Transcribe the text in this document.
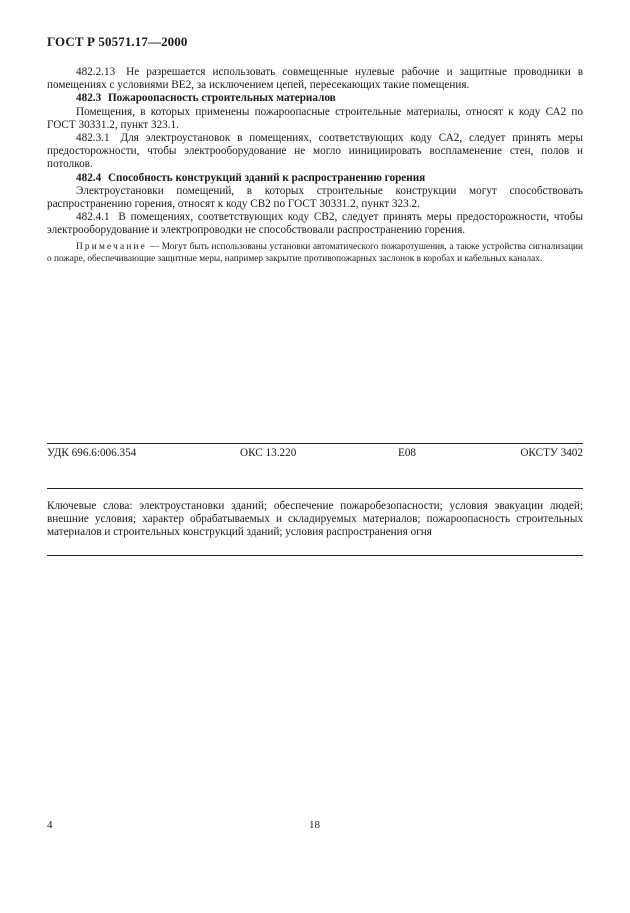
ГОСТ Р 50571.17—2000

482.2.13 Не разрешается использовать совмещенные нулевые рабочие и защитные проводники в помещениях с условиями ВЕ2, за исключением цепей, пересекающих такие помещения.

482.3 Пожароопасность строительных материалов

Помещения, в которых применены пожароопасные строительные материалы, относят к коду СА2 по ГОСТ 30331.2, пункт 323.1.

482.3.1 Для электроустановок в помещениях, соответствующих коду СА2, следует принять меры предосторожности, чтобы электрооборудование не могло иинициировать воспламенение стен, полов и потолков.

482.4 Способность конструкций зданий к распространению горения

Электроустановки помещений, в которых строительные конструкции могут способствовать распространению горения, относят к коду СВ2 по ГОСТ 30331.2, пункт 323.2.

482.4.1 В помещениях, соответствующих коду СВ2, следует принять меры предосторожности, чтобы электрооборудование и электропроводки не способствовали распространению горения.

Примечание — Могут быть использованы установки автоматического пожаротушения, а также устройства сигнализации о пожаре, обеспечивающие защитные меры, например закрытие противопожарных заслонок в коробах и кабельных каналах.

УДК 696.6:006.354	ОКС 13.220	Е08	ОКСТУ 3402
Ключевые слова: электроустановки зданий; обеспечение пожаробезопасности; условия эвакуации людей; внешние условия; характер обрабатываемых и складируемых материалов; пожароопасность строительных материалов и строительных конструкций зданий; условия распространения огня
4	18
